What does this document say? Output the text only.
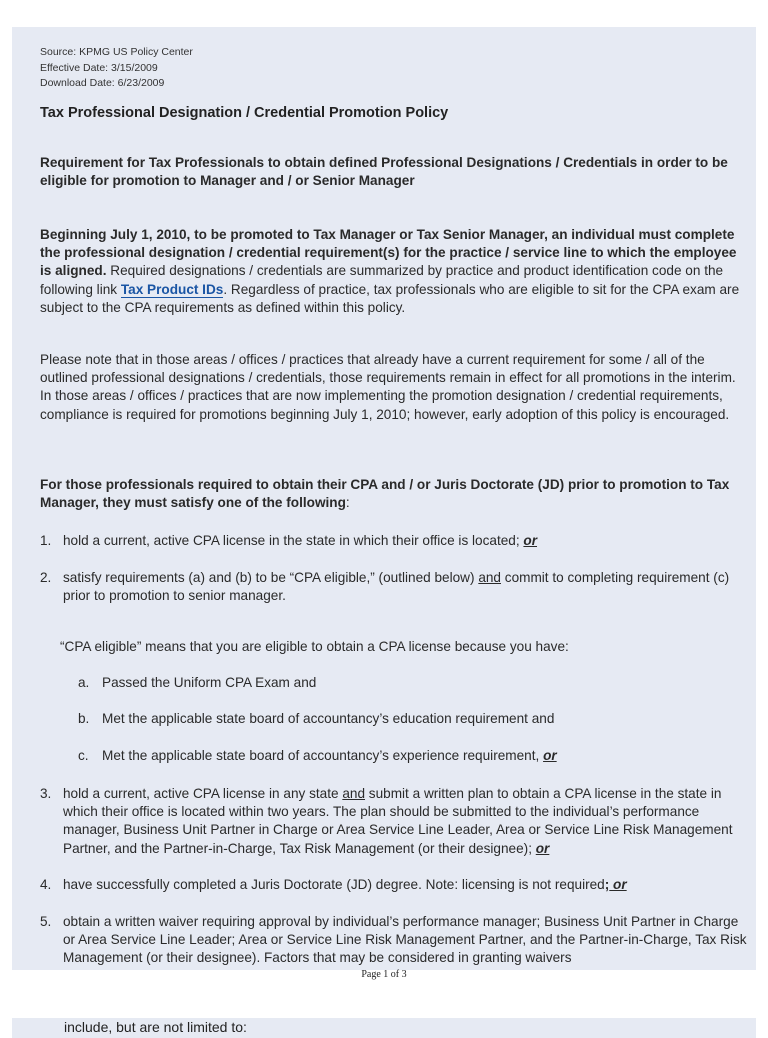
Source: KPMG US Policy Center
Effective Date: 3/15/2009
Download Date: 6/23/2009
Tax Professional Designation / Credential Promotion Policy
Requirement for Tax Professionals to obtain defined Professional Designations / Credentials in order to be eligible for promotion to Manager and / or Senior Manager
Beginning July 1, 2010, to be promoted to Tax Manager or Tax Senior Manager, an individual must complete the professional designation / credential requirement(s) for the practice / service line to which the employee is aligned. Required designations / credentials are summarized by practice and product identification code on the following link Tax Product IDs. Regardless of practice, tax professionals who are eligible to sit for the CPA exam are subject to the CPA requirements as defined within this policy.
Please note that in those areas / offices / practices that already have a current requirement for some / all of the outlined professional designations / credentials, those requirements remain in effect for all promotions in the interim. In those areas / offices / practices that are now implementing the promotion designation / credential requirements, compliance is required for promotions beginning July 1, 2010; however, early adoption of this policy is encouraged.
For those professionals required to obtain their CPA and / or Juris Doctorate (JD) prior to promotion to Tax Manager, they must satisfy one of the following:
1. hold a current, active CPA license in the state in which their office is located; or
2. satisfy requirements (a) and (b) to be “CPA eligible,” (outlined below) and commit to completing requirement (c) prior to promotion to senior manager.
“CPA eligible” means that you are eligible to obtain a CPA license because you have:
a. Passed the Uniform CPA Exam and
b. Met the applicable state board of accountancy’s education requirement and
c. Met the applicable state board of accountancy’s experience requirement, or
3. hold a current, active CPA license in any state and submit a written plan to obtain a CPA license in the state in which their office is located within two years. The plan should be submitted to the individual’s performance manager, Business Unit Partner in Charge or Area Service Line Leader, Area or Service Line Risk Management Partner, and the Partner-in-Charge, Tax Risk Management (or their designee); or
4. have successfully completed a Juris Doctorate (JD) degree. Note: licensing is not required; or
5. obtain a written waiver requiring approval by individual’s performance manager; Business Unit Partner in Charge or Area Service Line Leader; Area or Service Line Risk Management Partner, and the Partner-in-Charge, Tax Risk Management (or their designee). Factors that may be considered in granting waivers
Page 1 of 3
include, but are not limited to:
